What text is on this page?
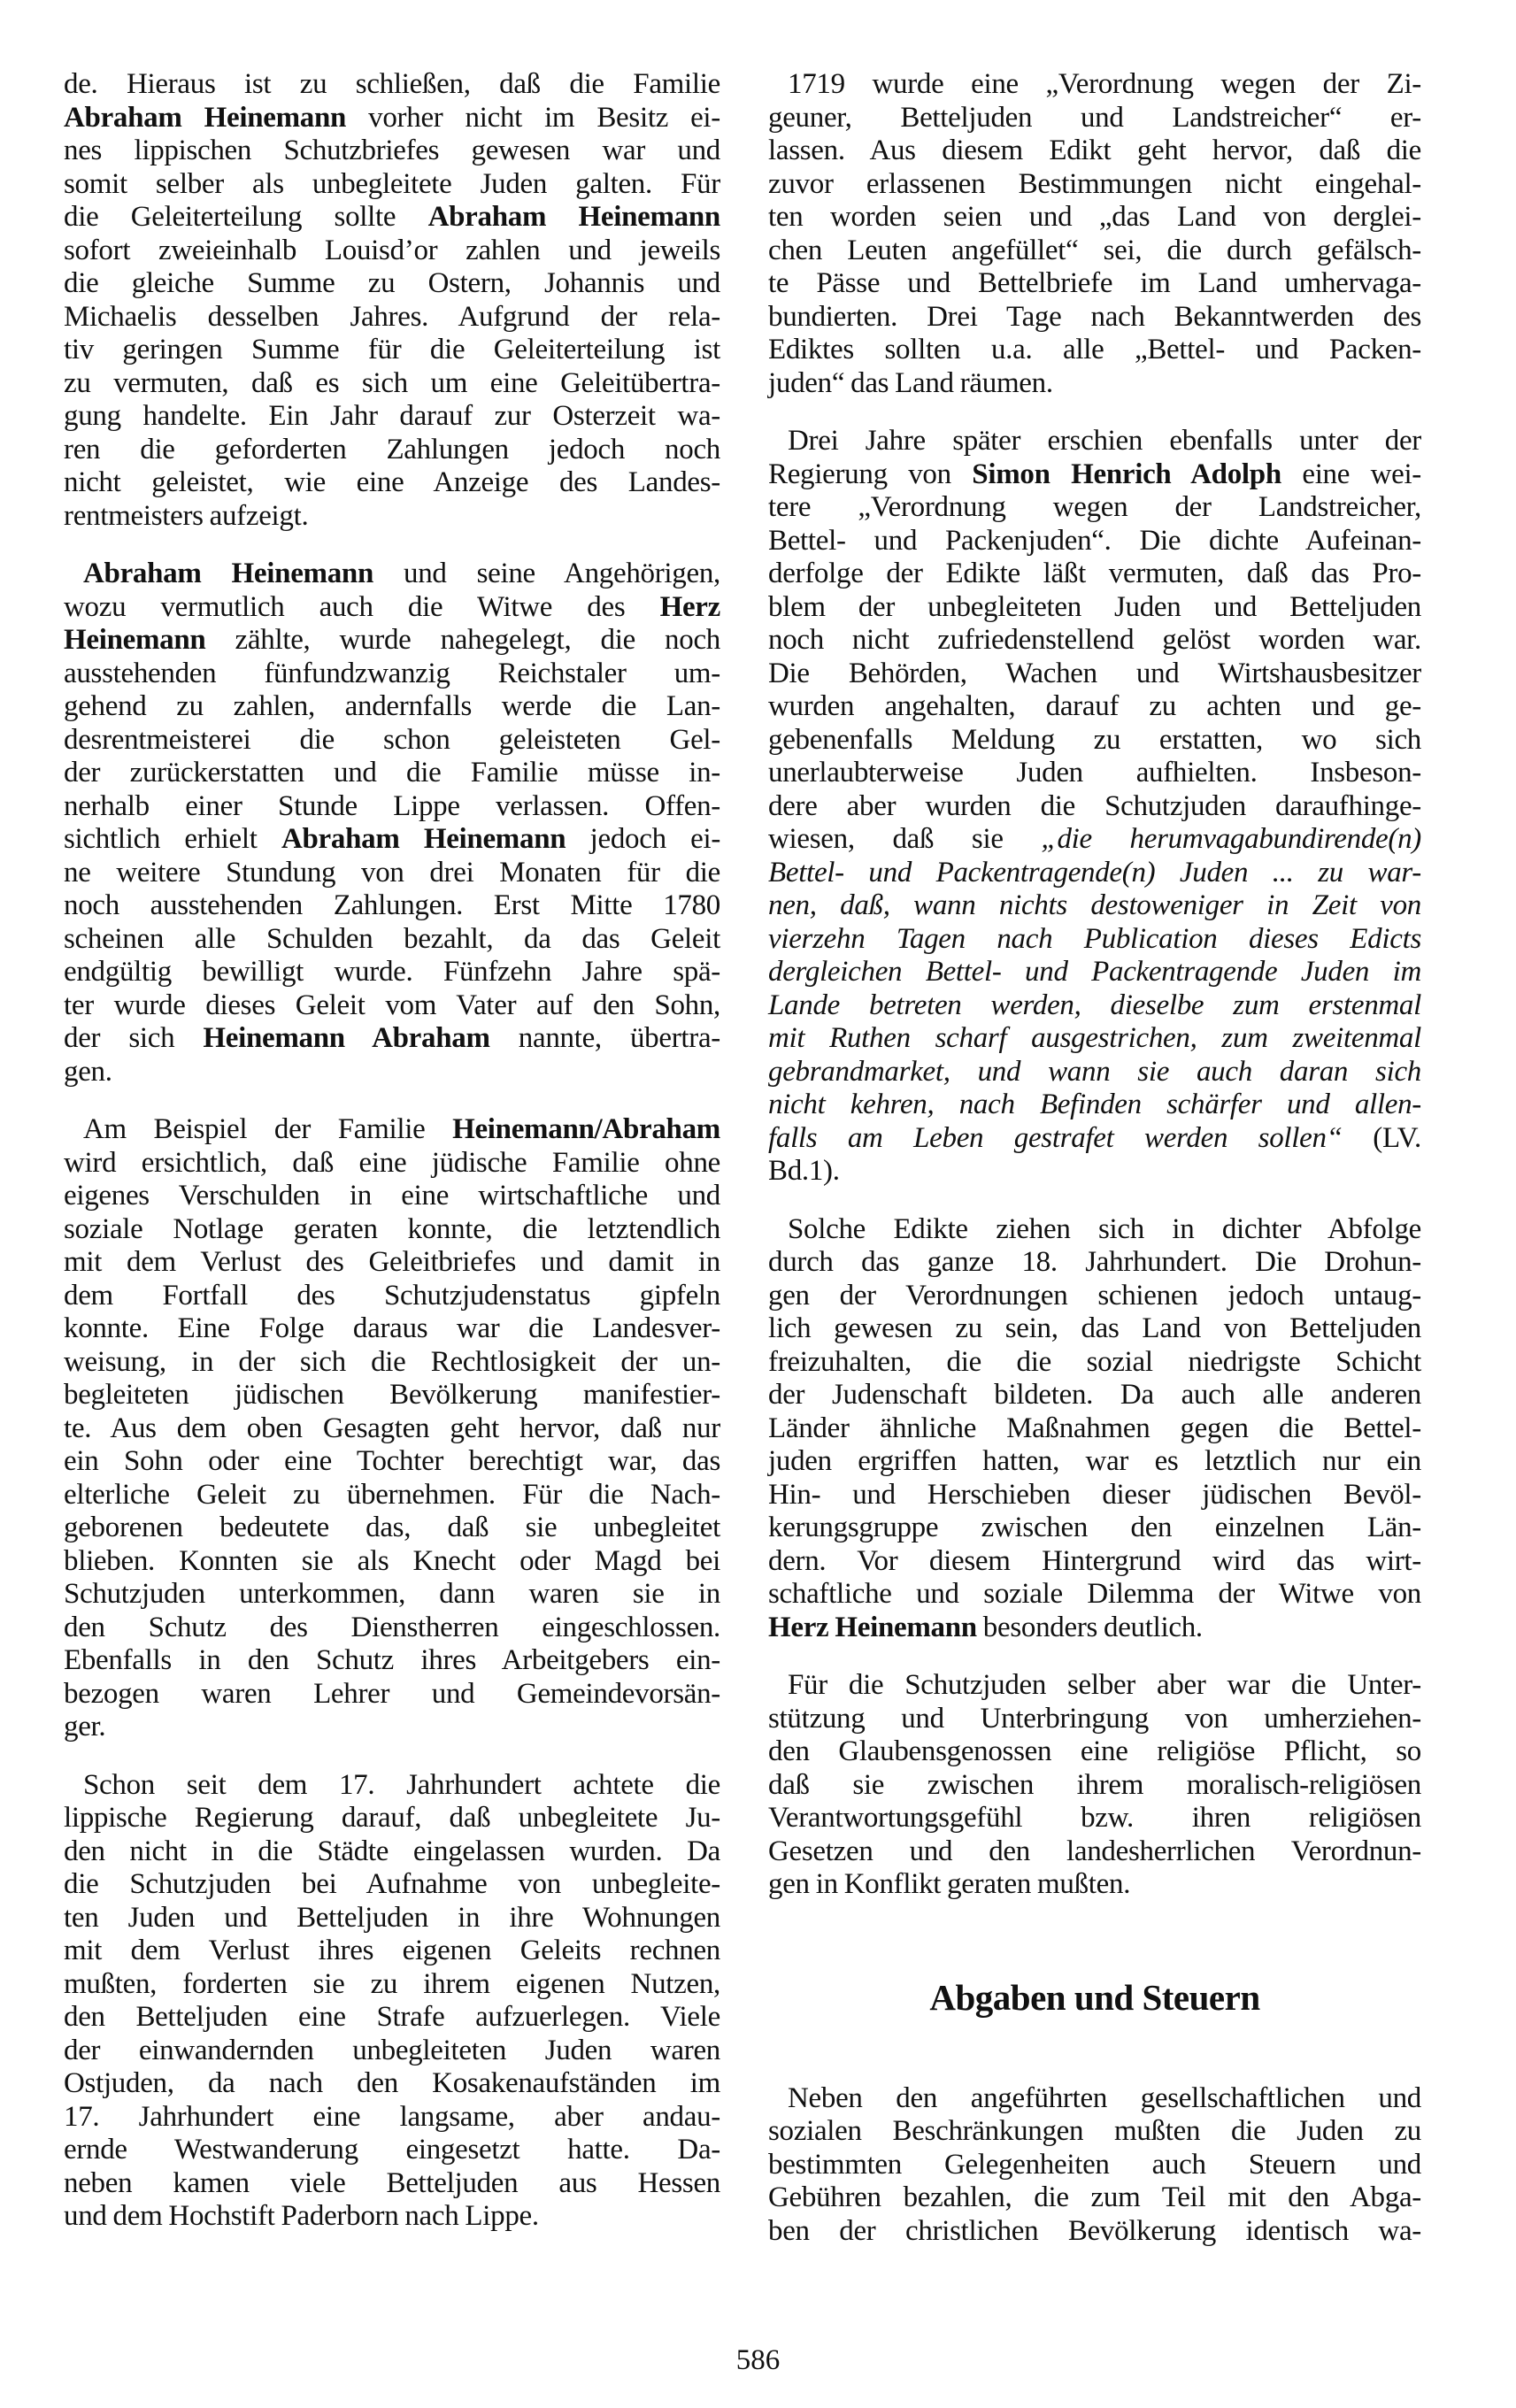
de. Hieraus ist zu schließen, daß die Familie
Abraham Heinemann vorher nicht im Besitz ei-
nes lippischen Schutzbriefes gewesen war und
somit selber als unbegleitete Juden galten. Für
die Geleiterteilung sollte Abraham Heinemann
sofort zweieinhalb Louisd’or zahlen und jeweils
die gleiche Summe zu Ostern, Johannis und
Michaelis desselben Jahres. Aufgrund der rela-
tiv geringen Summe für die Geleiterteilung ist
zu vermuten, daß es sich um eine Geleitübertra-
gung handelte. Ein Jahr darauf zur Osterzeit wa-
ren die geforderten Zahlungen jedoch noch
nicht geleistet, wie eine Anzeige des Landes-
rentmeisters aufzeigt.
Abraham Heinemann und seine Angehörigen,
wozu vermutlich auch die Witwe des Herz
Heinemann zählte, wurde nahegelegt, die noch
ausstehenden fünfundzwanzig Reichstaler um-
gehend zu zahlen, andernfalls werde die Lan-
desrentmeisterei die schon geleisteten Gel-
der zurückerstatten und die Familie müsse in-
nerhalb einer Stunde Lippe verlassen. Offen-
sichtlich erhielt Abraham Heinemann jedoch ei-
ne weitere Stundung von drei Monaten für die
noch ausstehenden Zahlungen. Erst Mitte 1780
scheinen alle Schulden bezahlt, da das Geleit
endgültig bewilligt wurde. Fünfzehn Jahre spä-
ter wurde dieses Geleit vom Vater auf den Sohn,
der sich Heinemann Abraham nannte, übertra-
gen.
Am Beispiel der Familie Heinemann/Abraham
wird ersichtlich, daß eine jüdische Familie ohne
eigenes Verschulden in eine wirtschaftliche und
soziale Notlage geraten konnte, die letztendlich
mit dem Verlust des Geleitbriefes und damit in
dem Fortfall des Schutzjudenstatus gipfeln
konnte. Eine Folge daraus war die Landesver-
weisung, in der sich die Rechtlosigkeit der un-
begleiteten jüdischen Bevölkerung manifestier-
te. Aus dem oben Gesagten geht hervor, daß nur
ein Sohn oder eine Tochter berechtigt war, das
elterliche Geleit zu übernehmen. Für die Nach-
geborenen bedeutete das, daß sie unbegleitet
blieben. Konnten sie als Knecht oder Magd bei
Schutzjuden unterkommen, dann waren sie in
den Schutz des Dienstherren eingeschlossen.
Ebenfalls in den Schutz ihres Arbeitgebers ein-
bezogen waren Lehrer und Gemeindevorsän-
ger.
Schon seit dem 17. Jahrhundert achtete die
lippische Regierung darauf, daß unbegleitete Ju-
den nicht in die Städte eingelassen wurden. Da
die Schutzjuden bei Aufnahme von unbegleite-
ten Juden und Betteljuden in ihre Wohnungen
mit dem Verlust ihres eigenen Geleits rechnen
mußten, forderten sie zu ihrem eigenen Nutzen,
den Betteljuden eine Strafe aufzuerlegen. Viele
der einwandernden unbegleiteten Juden waren
Ostjuden, da nach den Kosakenaufständen im
17. Jahrhundert eine langsame, aber andau-
ernde Westwanderung eingesetzt hatte. Da-
neben kamen viele Betteljuden aus Hessen
und dem Hochstift Paderborn nach Lippe.
1719 wurde eine „Verordnung wegen der Zi-
geuner, Betteljuden und Landstreicher“ er-
lassen. Aus diesem Edikt geht hervor, daß die
zuvor erlassenen Bestimmungen nicht eingehal-
ten worden seien und „das Land von derglei-
chen Leuten angefüllet“ sei, die durch gefälsch-
te Pässe und Bettelbriefe im Land umhervaga-
bundierten. Drei Tage nach Bekanntwerden des
Ediktes sollten u.a. alle „Bettel- und Packen-
juden“ das Land räumen.
Drei Jahre später erschien ebenfalls unter der
Regierung von Simon Henrich Adolph eine wei-
tere „Verordnung wegen der Landstreicher,
Bettel- und Packenjuden“. Die dichte Aufeinan-
derfolge der Edikte läßt vermuten, daß das Pro-
blem der unbegleiteten Juden und Betteljuden
noch nicht zufriedenstellend gelöst worden war.
Die Behörden, Wachen und Wirtshausbesitzer
wurden angehalten, darauf zu achten und ge-
gebenenfalls Meldung zu erstatten, wo sich
unerlaubterweise Juden aufhielten. Insbeson-
dere aber wurden die Schutzjuden daraufhinge-
wiesen, daß sie „die herumvagabundirende(n)
Bettel- und Packentragende(n) Juden ... zu war-
nen, daß, wann nichts destoweniger in Zeit von
vierzehn Tagen nach Publication dieses Edicts
dergleichen Bettel- und Packentragende Juden im
Lande betreten werden, dieselbe zum erstenmal
mit Ruthen scharf ausgestrichen, zum zweitenmal
gebrandmarket, und wann sie auch daran sich
nicht kehren, nach Befinden schärfer und allen-
falls am Leben gestrafet werden sollen“ (LV.
Bd.1).
Solche Edikte ziehen sich in dichter Abfolge
durch das ganze 18. Jahrhundert. Die Drohun-
gen der Verordnungen schienen jedoch untaug-
lich gewesen zu sein, das Land von Betteljuden
freizuhalten, die die sozial niedrigste Schicht
der Judenschaft bildeten. Da auch alle anderen
Länder ähnliche Maßnahmen gegen die Bettel-
juden ergriffen hatten, war es letztlich nur ein
Hin- und Herschieben dieser jüdischen Bevöl-
kerungsgruppe zwischen den einzelnen Län-
dern. Vor diesem Hintergrund wird das wirt-
schaftliche und soziale Dilemma der Witwe von
Herz Heinemann besonders deutlich.
Für die Schutzjuden selber aber war die Unter-
stützung und Unterbringung von umherziehen-
den Glaubensgenossen eine religiöse Pflicht, so
daß sie zwischen ihrem moralisch-religiösen
Verantwortungsgefühl bzw. ihren religiösen
Gesetzen und den landesherrlichen Verordnun-
gen in Konflikt geraten mußten.
Abgaben und Steuern
Neben den angeführten gesellschaftlichen und
sozialen Beschränkungen mußten die Juden zu
bestimmten Gelegenheiten auch Steuern und
Gebühren bezahlen, die zum Teil mit den Abga-
ben der christlichen Bevölkerung identisch wa-
586
